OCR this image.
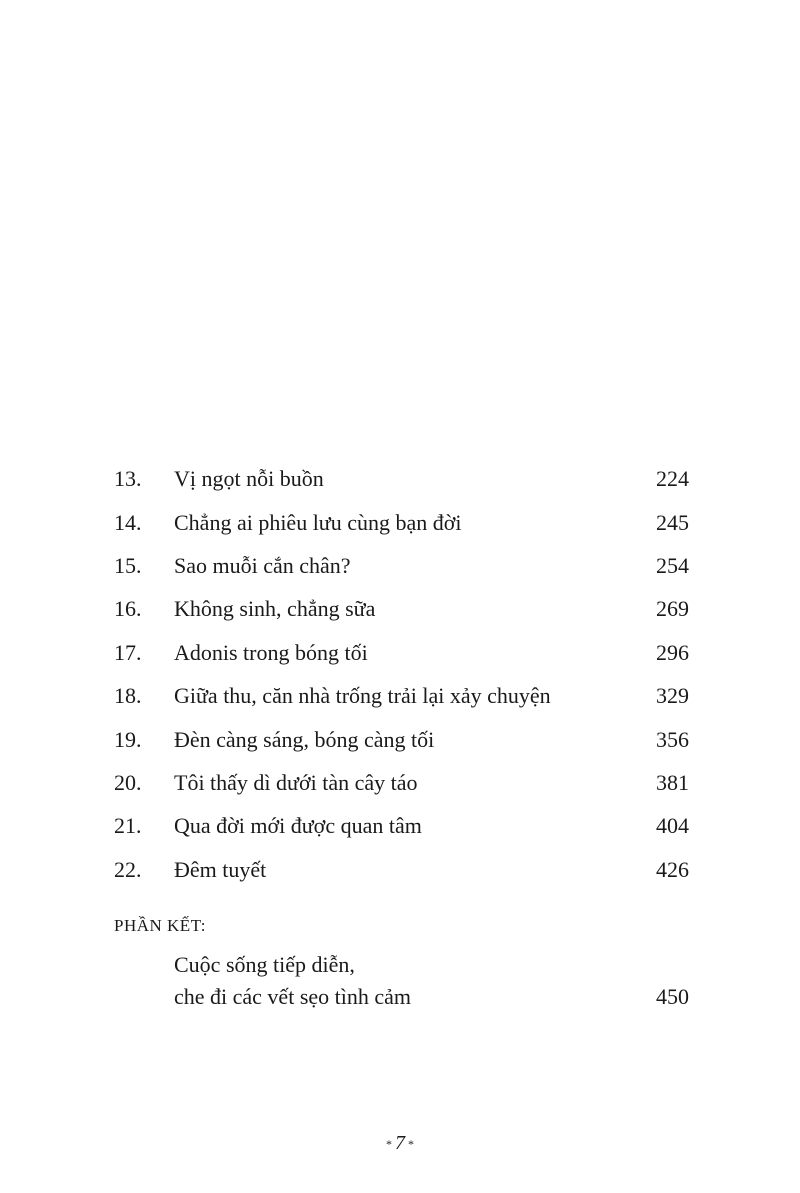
13. Vị ngọt nỗi buồn	224
14. Chẳng ai phiêu lưu cùng bạn đời	245
15. Sao muỗi cắn chân?	254
16. Không sinh, chẳng sữa	269
17. Adonis trong bóng tối	296
18. Giữa thu, căn nhà trống trải lại xảy chuyện	329
19. Đèn càng sáng, bóng càng tối	356
20. Tôi thấy dì dưới tàn cây táo	381
21. Qua đời mới được quan tâm	404
22. Đêm tuyết	426
PHẦN KẾT:
Cuộc sống tiếp diễn,
che đi các vết sẹo tình cảm	450
* 7 *
